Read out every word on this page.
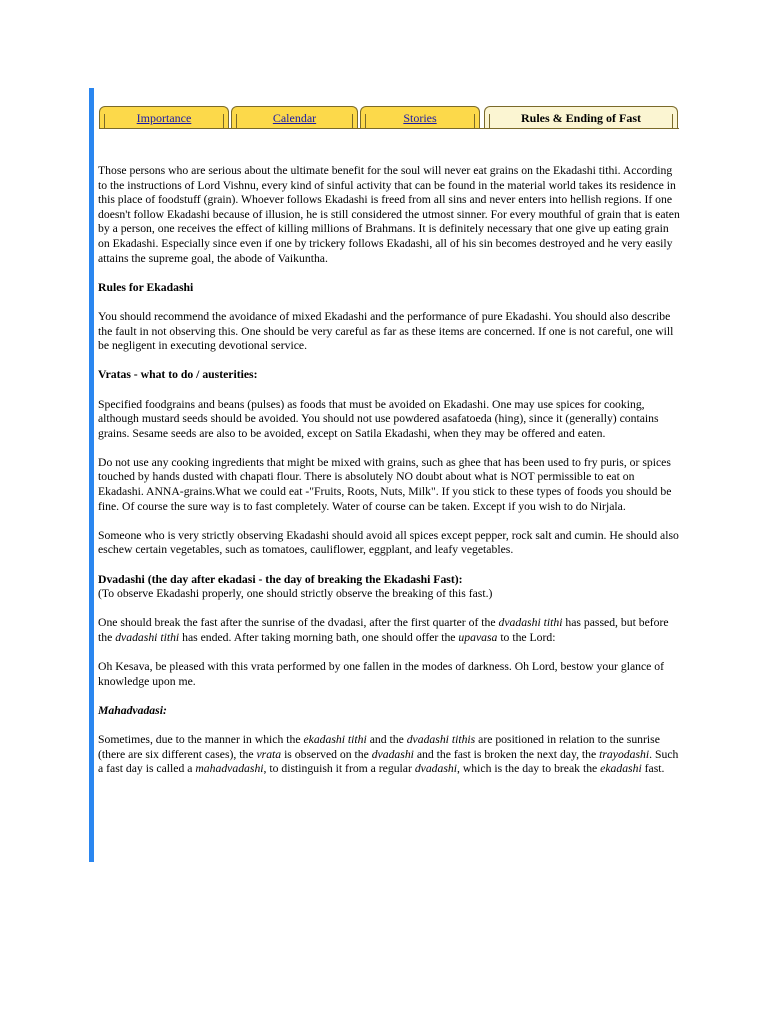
Importance	Calendar	Stories	Rules & Ending of Fast

Those persons who are serious about the ultimate benefit for the soul will never eat grains on the Ekadashi tithi. According to the instructions of Lord Vishnu, every kind of sinful activity that can be found in the material world takes its residence in this place of foodstuff (grain). Whoever follows Ekadashi is freed from all sins and never enters into hellish regions. If one doesn't follow Ekadashi because of illusion, he is still considered the utmost sinner. For every mouthful of grain that is eaten by a person, one receives the effect of killing millions of Brahmans. It is definitely necessary that one give up eating grain on Ekadashi. Especially since even if one by trickery follows Ekadashi, all of his sin becomes destroyed and he very easily attains the supreme goal, the abode of Vaikuntha.

Rules for Ekadashi

You should recommend the avoidance of mixed Ekadashi and the performance of pure Ekadashi. You should also describe the fault in not observing this. One should be very careful as far as these items are concerned. If one is not careful, one will be negligent in executing devotional service.

Vratas - what to do / austerities:

Specified foodgrains and beans (pulses) as foods that must be avoided on Ekadashi. One may use spices for cooking, although mustard seeds should be avoided. You should not use powdered asafatoeda (hing), since it (generally) contains grains. Sesame seeds are also to be avoided, except on Satila Ekadashi, when they may be offered and eaten.

Do not use any cooking ingredients that might be mixed with grains, such as ghee that has been used to fry puris, or spices touched by hands dusted with chapati flour. There is absolutely NO doubt about what is NOT permissible to eat on Ekadashi. ANNA-grains.What we could eat -"Fruits, Roots, Nuts, Milk". If you stick to these types of foods you should be fine. Of course the sure way is to fast completely. Water of course can be taken. Except if you wish to do Nirjala.

Someone who is very strictly observing Ekadashi should avoid all spices except pepper, rock salt and cumin. He should also eschew certain vegetables, such as tomatoes, cauliflower, eggplant, and leafy vegetables.

Dvadashi (the day after ekadasi - the day of breaking the Ekadashi Fast):

(To observe Ekadashi properly, one should strictly observe the breaking of this fast.)

One should break the fast after the sunrise of the dvadasi, after the first quarter of the dvadashi tithi has passed, but before the dvadashi tithi has ended. After taking morning bath, one should offer the upavasa to the Lord:

Oh Kesava, be pleased with this vrata performed by one fallen in the modes of darkness. Oh Lord, bestow your glance of knowledge upon me.

Mahadvadasi:

Sometimes, due to the manner in which the ekadashi tithi and the dvadashi tithis are positioned in relation to the sunrise (there are six different cases), the vrata is observed on the dvadashi and the fast is broken the next day, the trayodashi. Such a fast day is called a mahadvadashi, to distinguish it from a regular dvadashi, which is the day to break the ekadashi fast.
